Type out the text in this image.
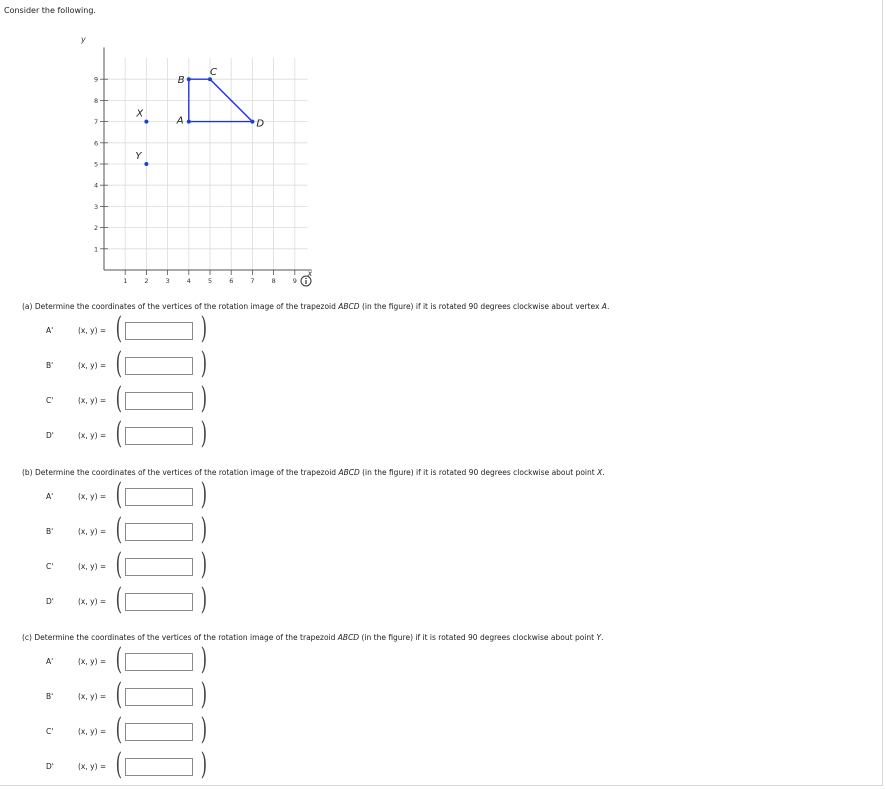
Consider the following.
x
y
1	2	3	4	5	6	7	8	9
1
2
3
4
5
6
7
8
9
A
B
C
D
X
Y
(a) Determine the coordinates of the vertices of the rotation image of the trapezoid ABCD (in the figure) if it is rotated 90 degrees clockwise about vertex A.
A'	(x, y) = (	)
B'	(x, y) = (	)
C'	(x, y) = (	)
D'	(x, y) = (	)
(b) Determine the coordinates of the vertices of the rotation image of the trapezoid ABCD (in the figure) if it is rotated 90 degrees clockwise about point X.
A'	(x, y) = (	)
B'	(x, y) = (	)
C'	(x, y) = (	)
D'	(x, y) = (	)
(c) Determine the coordinates of the vertices of the rotation image of the trapezoid ABCD (in the figure) if it is rotated 90 degrees clockwise about point Y.
A'	(x, y) = (	)
B'	(x, y) = (	)
C'	(x, y) = (	)
D'	(x, y) = (	)
